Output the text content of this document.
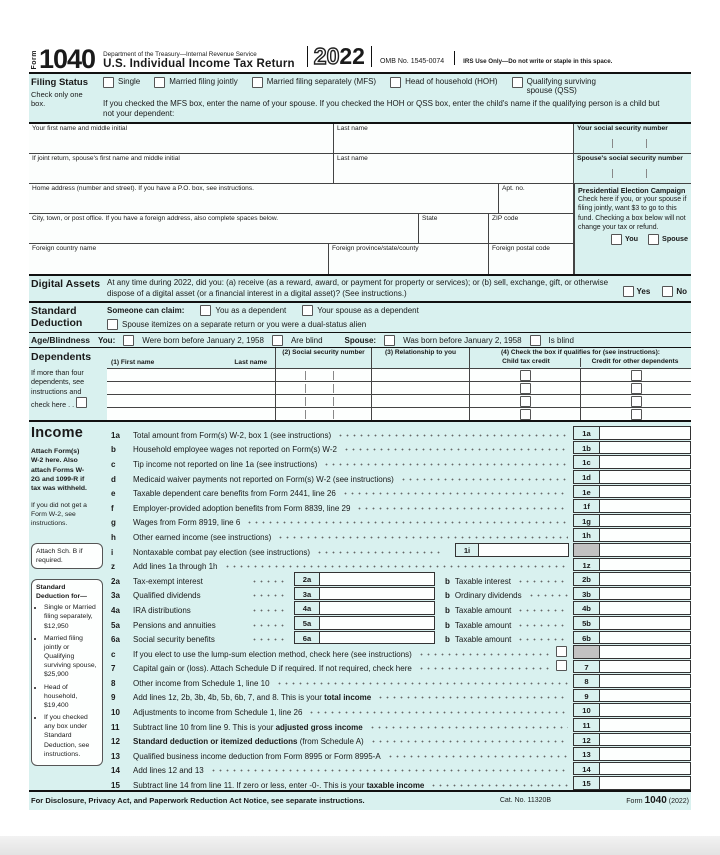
Form 1040 Department of the Treasury—Internal Revenue Service
U.S. Individual Income Tax Return 2022	OMB No. 1545-0074	IRS Use Only—Do not write or staple in this space.
Filing Status
Check only one box.
Single	Married filing jointly	Married filing separately (MFS)	Head of household (HOH)	Qualifying surviving spouse (QSS)
If you checked the MFS box, enter the name of your spouse. If you checked the HOH or QSS box, enter the child's name if the qualifying person is a child but not your dependent:
Your first name and middle initial	Last name	Your social security number
If joint return, spouse's first name and middle initial	Last name	Spouse's social security number
Home address (number and street). If you have a P.O. box, see instructions.	Apt. no.
City, town, or post office. If you have a foreign address, also complete spaces below.	State	ZIP code
Foreign country name	Foreign province/state/county	Foreign postal code
Presidential Election Campaign
Check here if you, or your spouse if filing jointly, want $3 to go to this fund. Checking a box below will not change your tax or refund.
You	Spouse
Digital Assets At any time during 2022, did you: (a) receive (as a reward, award, or payment for property or services); or (b) sell, exchange, gift, or otherwise dispose of a digital asset (or a financial interest in a digital asset)? (See instructions.)	Yes	No
Standard Deduction
Someone can claim:	You as a dependent	Your spouse as a dependent
Spouse itemizes on a separate return or you were a dual-status alien
Age/Blindness You:	Were born before January 2, 1958	Are blind	Spouse:	Was born before January 2, 1958	Is blind
Dependents
If more than four dependents, see instructions and check here . .
(1) First name	Last name
(2) Social security number	(3) Relationship to you	(4) Check the box if qualifies for (see instructions):
Child tax credit	Credit for other dependents
Income
Attach Form(s) W-2 here. Also attach Forms W-2G and 1099-R if tax was withheld.
If you did not get a Form W-2, see instructions.
Attach Sch. B if required.
Standard Deduction for—
• Single or Married filing separately, $12,950
• Married filing jointly or Qualifying surviving spouse, $25,900
• Head of household, $19,400
• If you checked any box under Standard Deduction, see instructions.
1a	Total amount from Form(s) W-2, box 1 (see instructions)	1a
b	Household employee wages not reported on Form(s) W-2	1b
c	Tip income not reported on line 1a (see instructions)	1c
d	Medicaid waiver payments not reported on Form(s) W-2 (see instructions)	1d
e	Taxable dependent care benefits from Form 2441, line 26	1e
f	Employer-provided adoption benefits from Form 8839, line 29	1f
g	Wages from Form 8919, line 6	1g
h	Other earned income (see instructions)	1h
i	Nontaxable combat pay election (see instructions)	1i
z	Add lines 1a through 1h	1z
2a	Tax-exempt interest	2a	b Taxable interest	2b
3a	Qualified dividends	3a	b Ordinary dividends	3b
4a	IRA distributions	4a	b Taxable amount	4b
5a	Pensions and annuities	5a	b Taxable amount	5b
6a	Social security benefits	6a	b Taxable amount	6b
c	If you elect to use the lump-sum election method, check here (see instructions)
7	Capital gain or (loss). Attach Schedule D if required. If not required, check here	7
8	Other income from Schedule 1, line 10	8
9	Add lines 1z, 2b, 3b, 4b, 5b, 6b, 7, and 8. This is your total income	9
10	Adjustments to income from Schedule 1, line 26	10
11	Subtract line 10 from line 9. This is your adjusted gross income	11
12	Standard deduction or itemized deductions (from Schedule A)	12
13	Qualified business income deduction from Form 8995 or Form 8995-A	13
14	Add lines 12 and 13	14
15	Subtract line 14 from line 11. If zero or less, enter -0-. This is your taxable income	15
For Disclosure, Privacy Act, and Paperwork Reduction Act Notice, see separate instructions.	Cat. No. 11320B	Form 1040 (2022)
